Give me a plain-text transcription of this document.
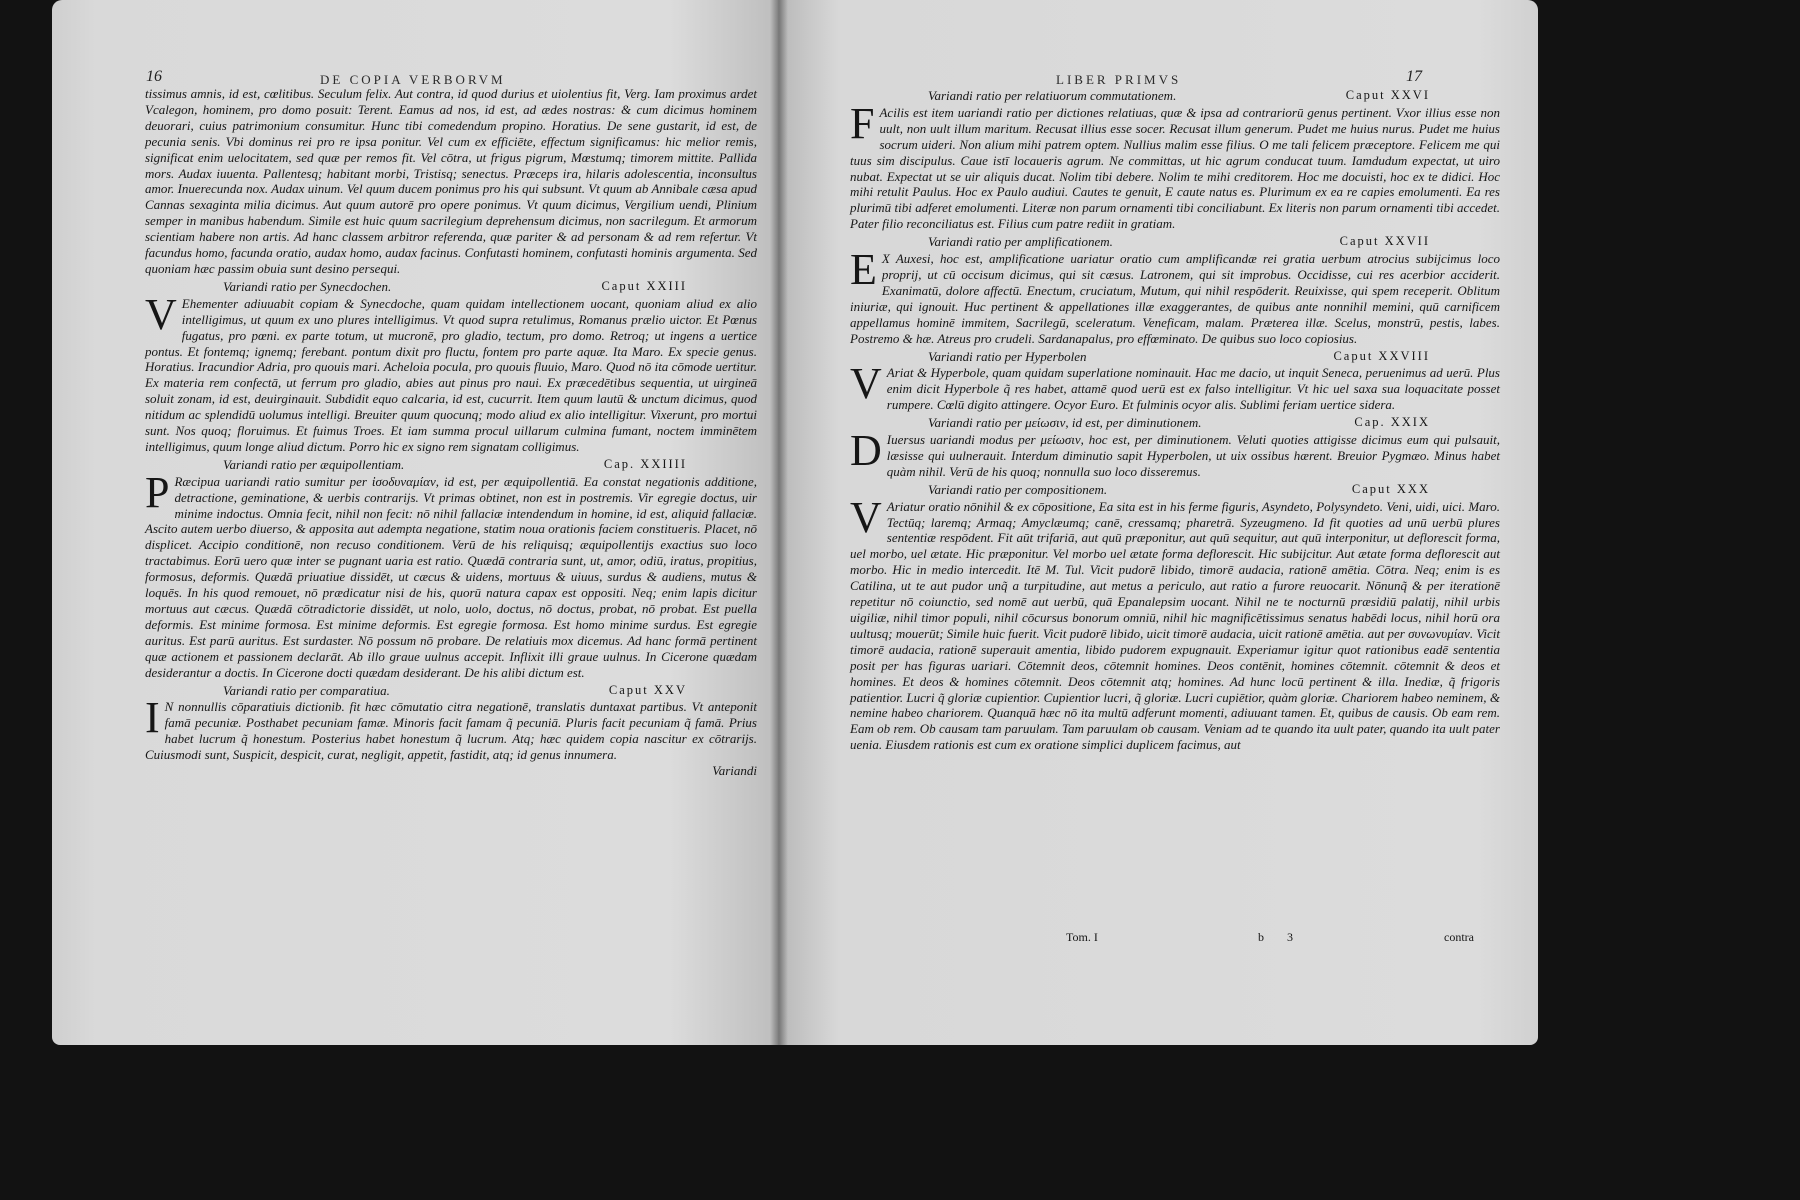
16	DE COPIA VERBORVM

tissimus amnis, id est, cœlitibus. Seculum felix. Aut contra, id quod durius et uiolentius fit, Verg. Iam proximus ardet Vcalegon, hominem, pro domo posuit: Terent. Eamus ad nos, id est, ad ædes nostras: & cum dicimus hominem deuorari, cuius patrimonium consumitur. Hunc tibi comedendum propino. Horatius. De sene gustarit, id est, de pecunia senis. Vbi dominus rei pro re ipsa ponitur. Vel cum ex efficiēte, effectum significamus: hic melior remis, significat enim uelocitatem, sed quæ per remos fit. Vel cōtra, ut frigus pigrum, Mœstumq; timorem mittite. Pallida mors. Audax iuuenta. Pallentesq; habitant morbi, Tristisq; senectus. Præceps ira, hilaris adolescentia, inconsultus amor. Inuerecunda nox. Audax uinum. Vel quum ducem ponimus pro his qui subsunt. Vt quum ab Annibale cæsa apud Cannas sexaginta milia dicimus. Aut quum autorē pro opere ponimus. Vt quum dicimus, Vergilium uendi, Plinium semper in manibus habendum. Simile est huic quum sacrilegium deprehensum dicimus, non sacrilegum. Et armorum scientiam habere non artis. Ad hanc classem arbitror referenda, quæ pariter & ad personam & ad rem refertur. Vt facundus homo, facunda oratio, audax homo, audax facinus. Confutasti hominem, confutasti hominis argumenta. Sed quoniam hæc passim obuia sunt desino persequi.

Variandi ratio per Synecdochen.	Caput XXIII

V Ehementer adiuuabit copiam & Synecdoche, quam quidam intellectionem uocant, quoniam aliud ex alio intelligimus, ut quum ex uno plures intelligimus. Vt quod supra retulimus, Romanus prælio uictor. Et Pœnus fugatus, pro pœni. ex parte totum, ut mucronē, pro gladio, tectum, pro domo. Retroq; ut ingens a uertice pontus. Et fontemq; ignemq; ferebant. pontum dixit pro fluctu, fontem pro parte aquæ. Ita Maro. Ex specie genus. Horatius. Iracundior Adria, pro quouis mari. Acheloia pocula, pro quouis fluuio, Maro. Quod nō ita cōmode uertitur. Ex materia rem confectā, ut ferrum pro gladio, abies aut pinus pro naui. Ex præcedētibus sequentia, ut uirgineā soluit zonam, id est, deuirginauit. Subdidit equo calcaria, id est, cucurrit. Item quum lautū & unctum dicimus, quod nitidum ac splendidū uolumus intelligi. Breuiter quum quocunq; modo aliud ex alio intelligitur. Vixerunt, pro mortui sunt. Nos quoq; floruimus. Et fuimus Troes. Et iam summa procul uillarum culmina fumant, noctem imminētem intelligimus, quum longe aliud dictum. Porro hic ex signo rem signatam colligimus.

Variandi ratio per æquipollentiam.	Cap. XXIIII

P Ræcipua uariandi ratio sumitur per ἰσοδυναμίαν, id est, per æquipollentiā. Ea constat negationis additione, detractione, geminatione, & uerbis contrarijs. Vt primas obtinet, non est in postremis. Vir egregie doctus, uir minime indoctus. Omnia fecit, nihil non fecit: nō nihil fallaciæ intendendum in homine, id est, aliquid fallaciæ. Ascito autem uerbo diuerso, & apposita aut adempta negatione, statim noua orationis faciem constitueris. Placet, nō displicet. Accipio conditionē, non recuso conditionem. Verū de his reliquisq; æquipollentijs exactius suo loco tractabimus. Eorū uero quæ inter se pugnant uaria est ratio. Quædā contraria sunt, ut, amor, odiū, iratus, propitius, formosus, deformis. Quædā priuatiue dissidēt, ut cæcus & uidens, mortuus & uiuus, surdus & audiens, mutus & loquēs. In his quod remouet, nō prædicatur nisi de his, quorū natura capax est oppositi. Neq; enim lapis dicitur mortuus aut cæcus. Quædā cōtradictorie dissidēt, ut nolo, uolo, doctus, nō doctus, probat, nō probat. Est puella deformis. Est minime formosa. Est minime deformis. Est egregie formosa. Est homo minime surdus. Est egregie auritus. Est parū auritus. Est surdaster. Nō possum nō probare. De relatiuis mox dicemus. Ad hanc formā pertinent quæ actionem et passionem declarāt. Ab illo graue uulnus accepit. Inflixit illi graue uulnus. In Cicerone quædam desiderantur a doctis. In Cicerone docti quædam desiderant. De his alibi dictum est.

Variandi ratio per comparatiua.	Caput XXV

I N nonnullis cōparatiuis dictionib. fit hæc cōmutatio citra negationē, translatis duntaxat partibus. Vt anteponit famā pecuniæ. Posthabet pecuniam famæ. Minoris facit famam q̃ pecuniā. Pluris facit pecuniam q̃ famā. Prius habet lucrum q̃ honestum. Posterius habet honestum q̃ lucrum. Atq; hæc quidem copia nascitur ex cōtrarijs. Cuiusmodi sunt, Suspicit, despicit, curat, negligit, appetit, fastidit, atq; id genus innumera.

Variandi
LIBER PRIMVS	17
Variandi ratio per relatiuorum commutationem.	Caput XXVI

F Acilis est item uariandi ratio per dictiones relatiuas, quæ & ipsa ad contrariorū genus pertinent. Vxor illius esse non uult, non uult illum maritum. Recusat illius esse socer. Recusat illum generum. Pudet me huius nurus. Pudet me huius socrum uideri. Non alium mihi patrem optem. Nullius malim esse filius. O me tali felicem præceptore. Felicem me qui tuus sim discipulus. Caue istī locaueris agrum. Ne committas, ut hic agrum conducat tuum. Iamdudum expectat, ut uiro nubat. Expectat ut se uir aliquis ducat. Nolim tibi debere. Nolim te mihi creditorem. Hoc me docuisti, hoc ex te didici. Hoc mihi retulit Paulus. Hoc ex Paulo audiui. Cautes te genuit, E caute natus es. Plurimum ex ea re capies emolumenti. Ea res plurimū tibi adferet emolumenti. Literæ non parum ornamenti tibi conciliabunt. Ex literis non parum ornamenti tibi accedet. Pater filio reconciliatus est. Filius cum patre rediit in gratiam.

Variandi ratio per amplificationem.	Caput XXVII

E X Auxesi, hoc est, amplificatione uariatur oratio cum amplificandæ rei gratia uerbum atrocius subijcimus loco proprij, ut cū occisum dicimus, qui sit cæsus. Latronem, qui sit improbus. Occidisse, cui res acerbior acciderit. Exanimatū, dolore affectū. Enectum, cruciatum, Mutum, qui nihil respōderit. Reuixisse, qui spem receperit. Oblitum iniuriæ, qui ignouit. Huc pertinent & appellationes illæ exaggerantes, de quibus ante nonnihil memini, quū carnificem appellamus hominē immitem, Sacrilegū, sceleratum. Veneficam, malam. Præterea illæ. Scelus, monstrū, pestis, labes. Postremo & hæ. Atreus pro crudeli. Sardanapalus, pro effœminato. De quibus suo loco copiosius.

Variandi ratio per Hyperbolen	Caput XXVIII

V Ariat & Hyperbole, quam quidam superlatione nominauit. Hac me dacio, ut inquit Seneca, peruenimus ad uerū. Plus enim dicit Hyperbole q̃ res habet, attamē quod uerū est ex falso intelligitur. Vt hic uel saxa sua loquacitate posset rumpere. Cœlū digito attingere. Ocyor Euro. Et fulminis ocyor alis. Sublimi feriam uertice sidera.

Variandi ratio per μείωσιν, id est, per diminutionem.	Cap. XXIX

D Iuersus uariandi modus per μείωσιν, hoc est, per diminutionem. Veluti quoties attigisse dicimus eum qui pulsauit, læsisse qui uulnerauit. Interdum diminutio sapit Hyperbolen, ut uix ossibus hærent. Breuior Pygmæo. Minus habet quàm nihil. Verū de his quoq; nonnulla suo loco disseremus.

Variandi ratio per compositionem.	Caput XXX

V Ariatur oratio nōnihil & ex cōpositione, Ea sita est in his ferme figuris, Asyndeto, Polysyndeto. Veni, uidi, uici. Maro. Tectūq; laremq; Armaq; Amyclæumq; canē, cressamq; pharetrā. Syzeugmeno. Id fit quoties ad unū uerbū plures sententiæ respōdent. Fit aūt trifariā, aut quū præponitur, aut quū sequitur, aut quū interponitur, ut deflorescit forma, uel morbo, uel ætate. Hic præponitur. Vel morbo uel ætate forma deflorescit. Hic subijcitur. Aut ætate forma deflorescit aut morbo. Hic in medio intercedit. Itē M. Tul. Vicit pudorē libido, timorē audacia, rationē amētia. Cōtra. Neq; enim is es Catilina, ut te aut pudor unq̃ a turpitudine, aut metus a periculo, aut ratio a furore reuocarit. Nōnunq̃ & per iterationē repetitur nō coiunctio, sed nomē aut uerbū, quā Epanalepsim uocant. Nihil ne te nocturnū præsidiū palatij, nihil urbis uigiliæ, nihil timor populi, nihil cōcursus bonorum omniū, nihil hic magnificētissimus senatus habēdi locus, nihil horū ora uultusq; mouerūt; Simile huic fuerit. Vicit pudorē libido, uicit timorē audacia, uicit rationē amētia. aut per συνωνυμίαν. Vicit timorē audacia, rationē superauit amentia, libido pudorem expugnauit. Experiamur igitur quot rationibus eadē sententia posit per has figuras uariari. Cōtemnit deos, cōtemnit homines. Deos contēnit, homines cōtemnit. cōtemnit & deos et homines. Et deos & homines cōtemnit. Deos cōtemnit atq; homines. Ad hunc locū pertinent & illa. Inediæ, q̃ frigoris patientior. Lucri q̃ gloriæ cupientior. Cupientior lucri, q̃ gloriæ. Lucri cupiētior, quàm gloriæ. Chariorem habeo neminem, & nemine habeo chariorem. Quanquā hæc nō ita multū adferunt momenti, adiuuant tamen. Et, quibus de causis. Ob eam rem. Eam ob rem. Ob causam tam paruulam. Tam paruulam ob causam. Veniam ad te quando ita uult pater, quando ita uult pater uenia. Eiusdem rationis est cum ex oratione simplici duplicem facimus, aut

Tom. I	b 3	contra
